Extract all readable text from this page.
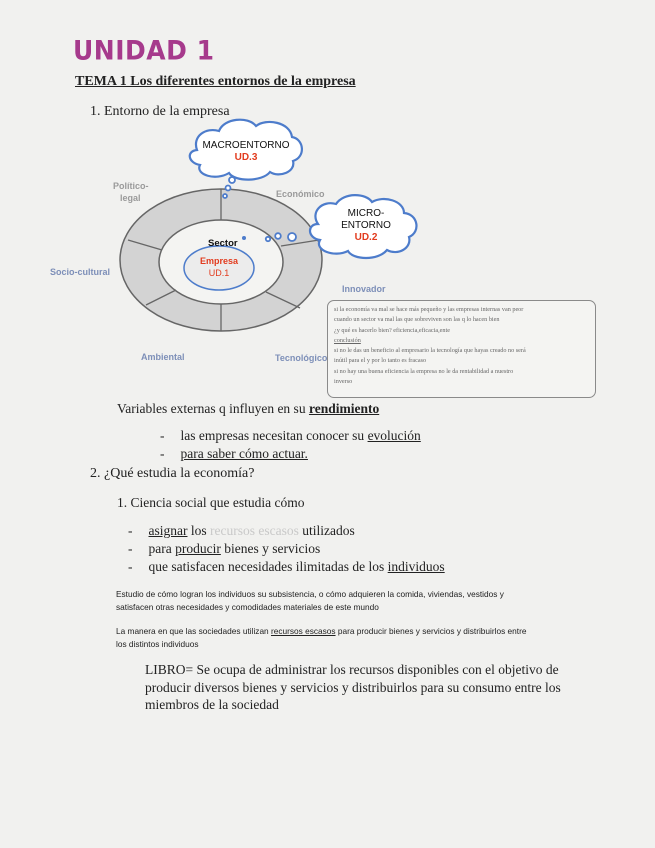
UNIDAD 1
TEMA 1 Los diferentes entornos de la empresa
1. Entorno de la empresa
MACROENTORNO
UD.3
MICRO-
ENTORNO
UD.2
Político-
legal	Económico
Socio-cultural
Ambiental	Tecnológico
Innovador
Sector
Empresa
UD.1
si la economía va mal se hace más pequeño y las empresas internas van peor
cuando un sector va mal las que sobreviven son las q lo hacen bien
¿y qué es hacerlo bien? eficiencia,eficacia,ente
conclusión
si no le das un beneficio al empresario la tecnología que hayas creado no será
inútil para el y por lo tanto es fracaso
si no hay una buena eficiencia la empresa no le da rentabilidad a nuestro
inverso
Variables externas q influyen en su rendimiento
- las empresas necesitan conocer su evolución
- para saber cómo actuar.
2. ¿Qué estudia la economía?
1. Ciencia social que estudia cómo
- asignar los recursos escasos utilizados
- para producir bienes y servicios
- que satisfacen necesidades ilimitadas de los individuos
Estudio de cómo logran los individuos su subsistencia, o cómo adquieren la comida, viviendas, vestidos y
satisfacen otras necesidades y comodidades materiales de este mundo
La manera en que las sociedades utilizan recursos escasos para producir bienes y servicios y distribuirlos entre
los distintos individuos
LIBRO= Se ocupa de administrar los recursos disponibles con el objetivo de
producir diversos bienes y servicios y distribuirlos para su consumo entre los
miembros de la sociedad
